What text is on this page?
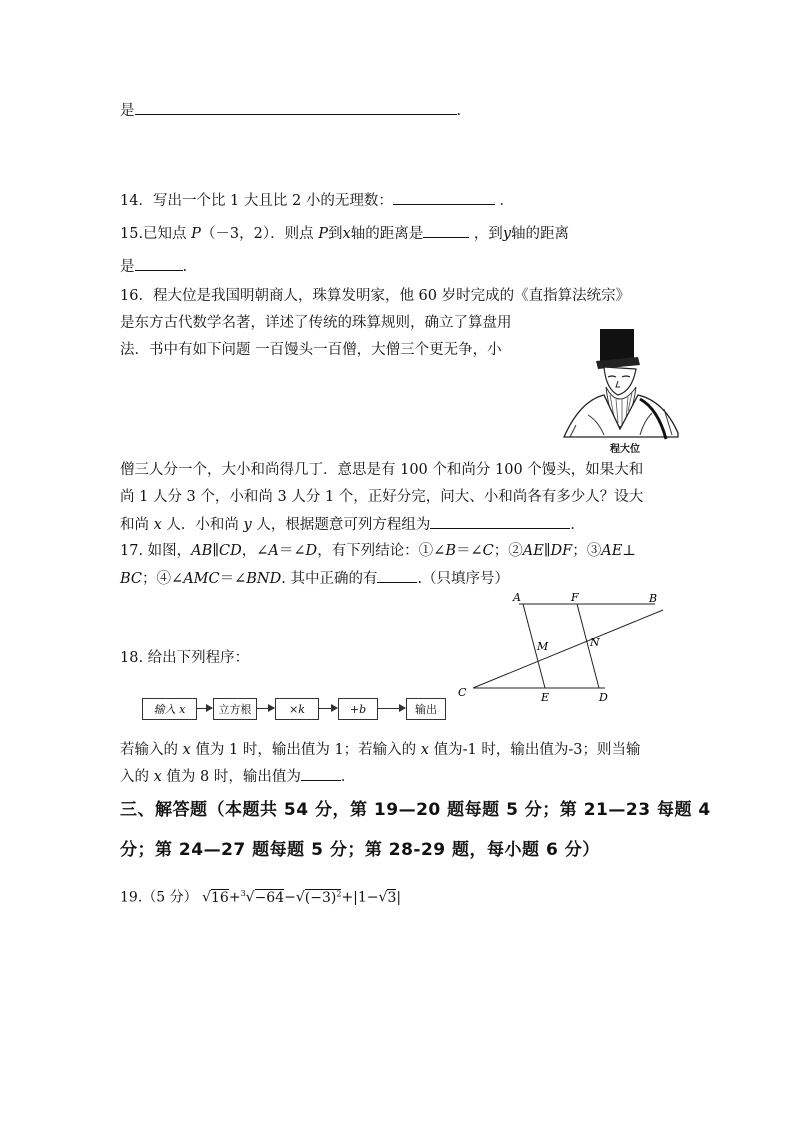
是	.
14．写出一个比 1 大且比 2 小的无理数：	．
15.已知点 P（－3，2）．则点 P到x轴的距离是	，到y轴的距离
是	.
16．程大位是我国明朝商人，珠算发明家，他 60 岁时完成的《直指算法统宗》
是东方古代数学名著，详述了传统的珠算规则，确立了算盘用
法．书中有如下问题 一百馒头一百僧，大僧三个更无争，小
程大位
僧三人分一个，大小和尚得几丁．意思是有 100 个和尚分 100 个馒头，如果大和
尚 1 人分 3 个，小和尚 3 人分 1 个，正好分完，问大、小和尚各有多少人？设大
和尚 x 人．小和尚 y 人，根据题意可列方程组为	．
17. 如图，AB∥CD，∠A＝∠D，有下列结论：①∠B＝∠C；②AE∥DF；③AE⊥
BC；④∠AMC＝∠BND. 其中正确的有	.（只填序号）
A	F	B
M	N
C	E	D
18. 给出下列程序：
输入 x	立方根	×k	+b	输出
若输入的 x 值为 1 时，输出值为 1；若输入的 x 值为-1 时，输出值为-3；则当输
入的 x 值为 8 时，输出值为	．
三、解答题（本题共 54 分，第 19—20 题每题 5 分；第 21—23 每题 4
分；第 24—27 题每题 5 分；第 28-29 题，每小题 6 分）
19.（5 分） $√16+^3√-64-√(-3)^2+|1-√3|$
